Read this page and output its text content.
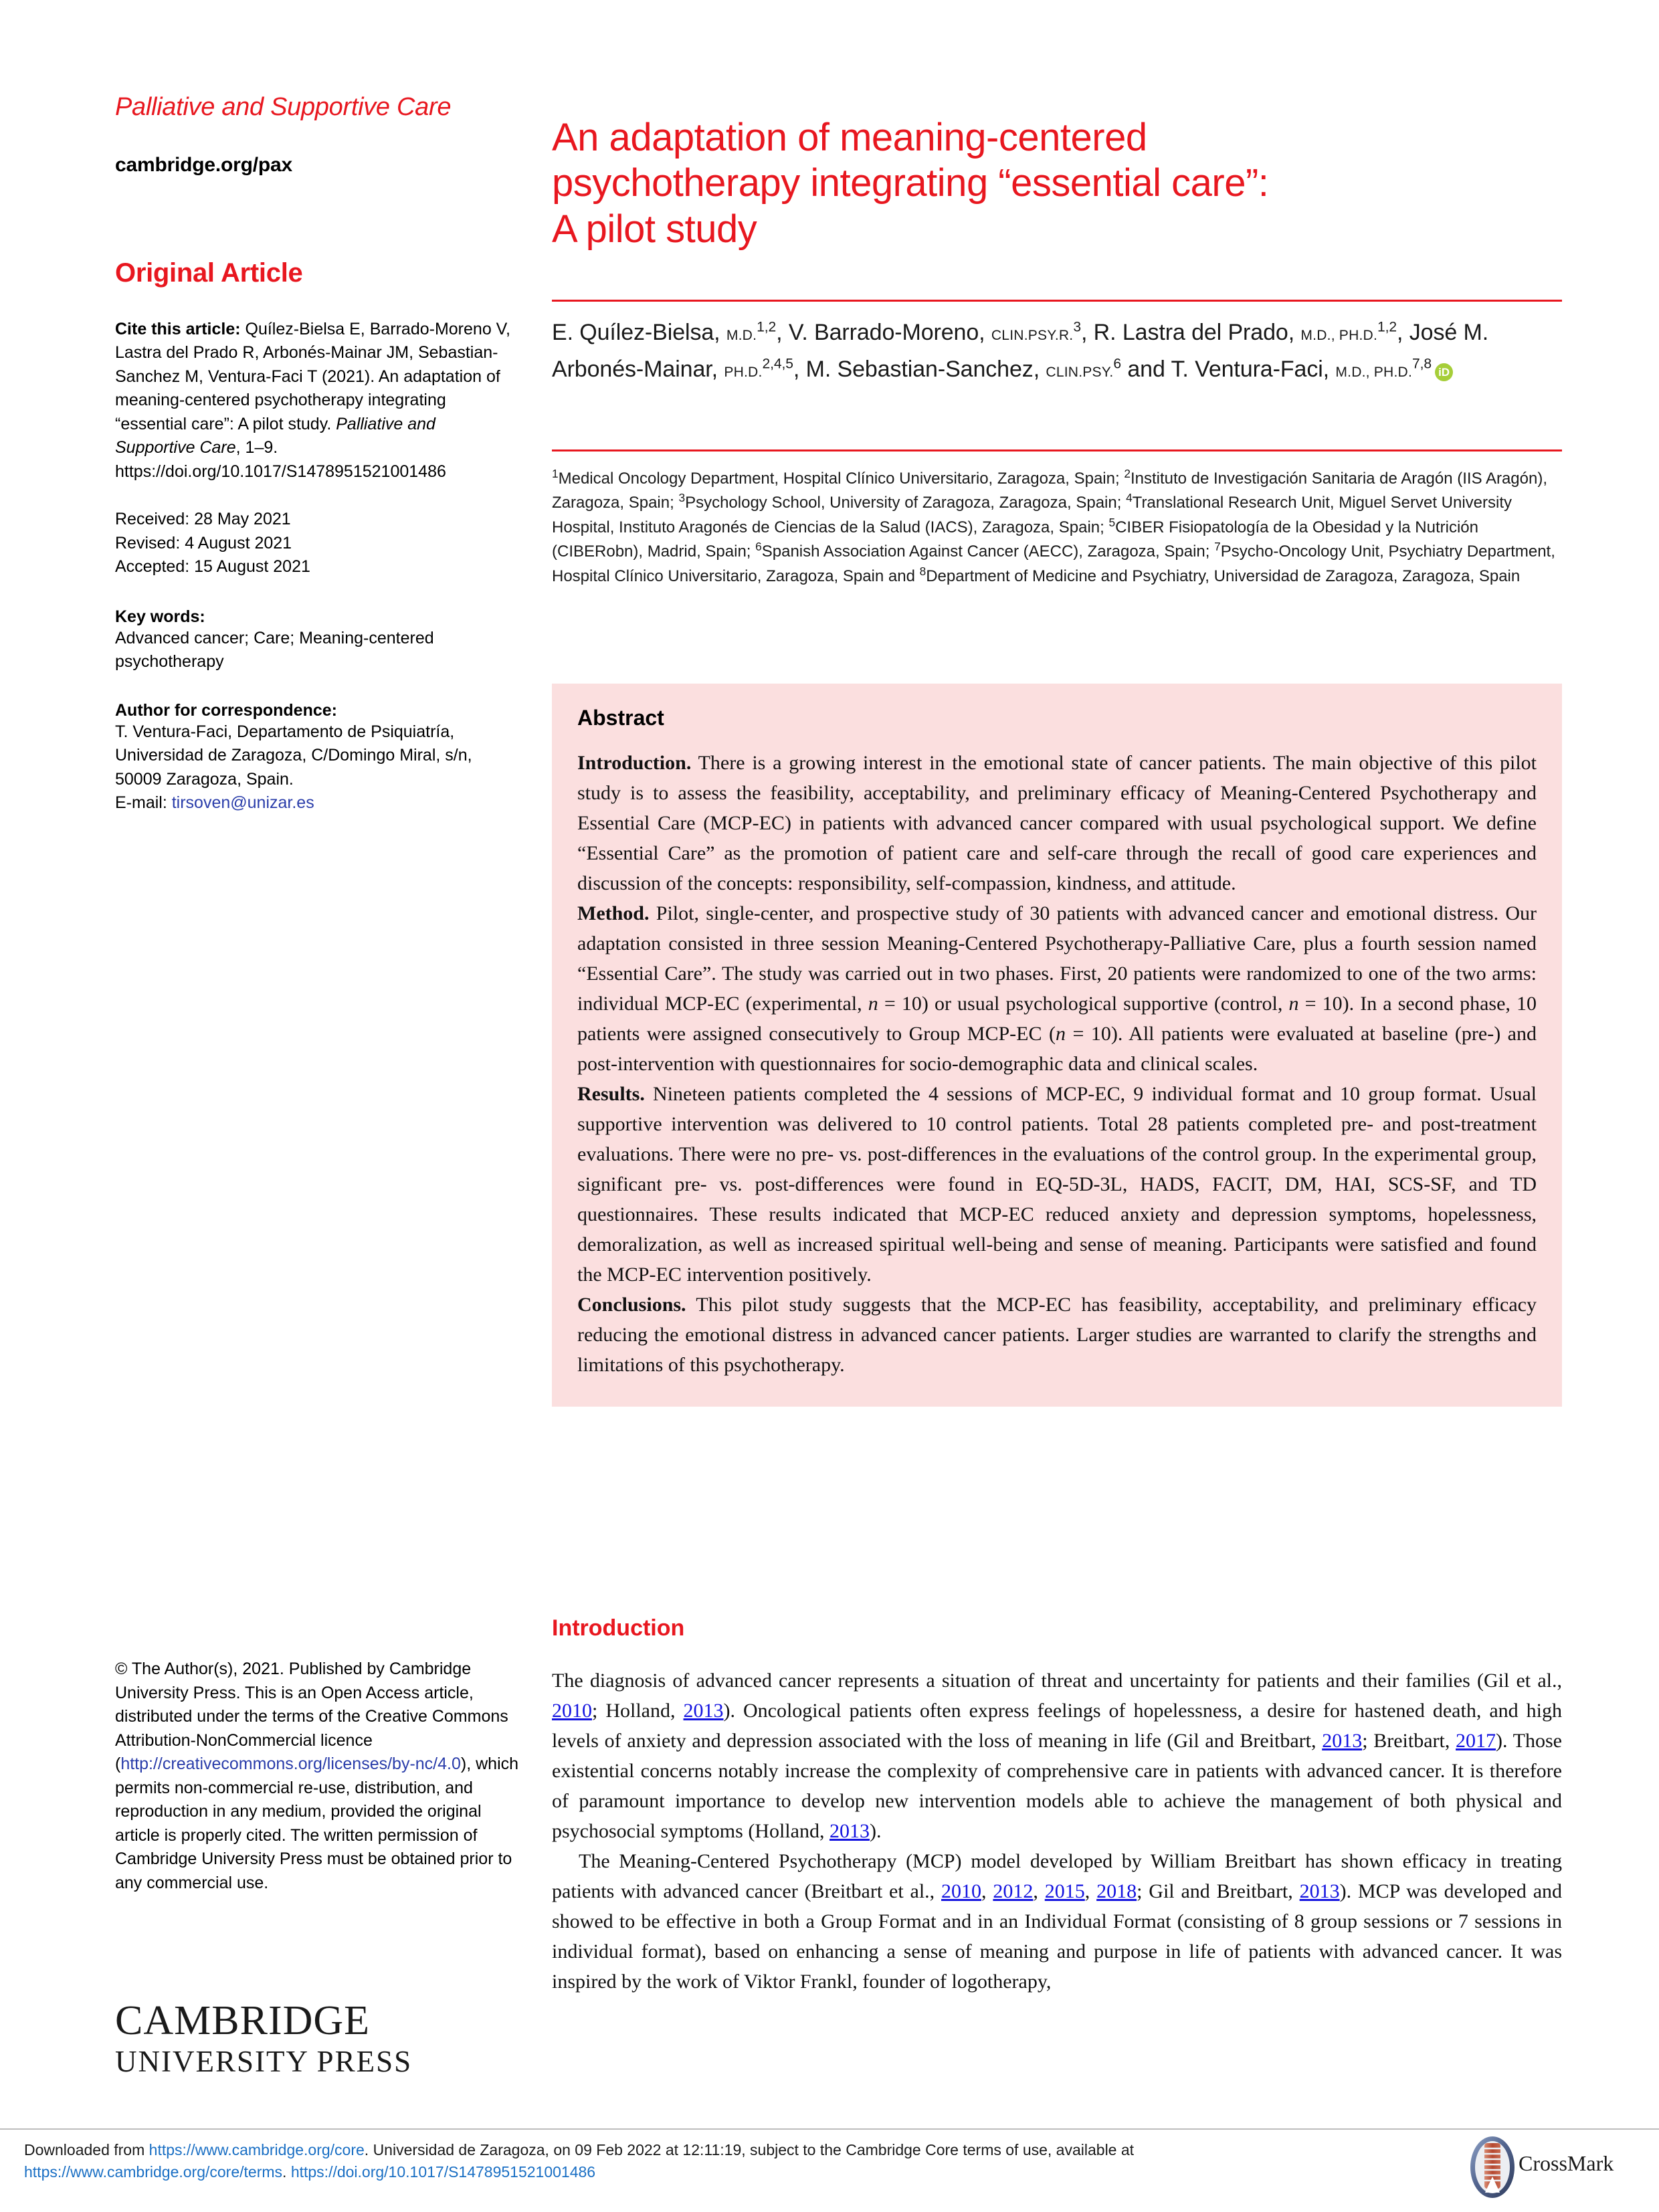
Palliative and Supportive Care
cambridge.org/pax
Original Article
Cite this article: Quílez-Bielsa E, Barrado-Moreno V, Lastra del Prado R, Arbonés-Mainar JM, Sebastian-Sanchez M, Ventura-Faci T (2021). An adaptation of meaning-centered psychotherapy integrating “essential care”: A pilot study. Palliative and Supportive Care, 1–9. https://doi.org/10.1017/S1478951521001486
Received: 28 May 2021
Revised: 4 August 2021
Accepted: 15 August 2021
Key words:
Advanced cancer; Care; Meaning-centered psychotherapy
Author for correspondence:
T. Ventura-Faci, Departamento de Psiquiatría, Universidad de Zaragoza, C/Domingo Miral, s/n, 50009 Zaragoza, Spain.
E-mail: tirsoven@unizar.es
© The Author(s), 2021. Published by Cambridge University Press. This is an Open Access article, distributed under the terms of the Creative Commons Attribution-NonCommercial licence (http://creativecommons.org/licenses/by-nc/4.0), which permits non-commercial re-use, distribution, and reproduction in any medium, provided the original article is properly cited. The written permission of Cambridge University Press must be obtained prior to any commercial use.
CAMBRIDGE
UNIVERSITY PRESS
An adaptation of meaning-centered
psychotherapy integrating “essential care”:
A pilot study
E. Quílez-Bielsa, M.D.$^{1,2}$, V. Barrado-Moreno, CLIN.PSY.R.$^3$, R. Lastra del Prado, M.D., PH.D.$^{1,2}$, José M. Arbonés-Mainar, PH.D.$^{2,4,5}$, M. Sebastian-Sanchez, CLIN.PSY.$^6$ and T. Ventura-Faci, M.D., PH.D.$^{7,8}$iD
$^1$Medical Oncology Department, Hospital Clínico Universitario, Zaragoza, Spain; $^2$Instituto de Investigación Sanitaria de Aragón (IIS Aragón), Zaragoza, Spain; $^3$Psychology School, University of Zaragoza, Zaragoza, Spain; $^4$Translational Research Unit, Miguel Servet University Hospital, Instituto Aragonés de Ciencias de la Salud (IACS), Zaragoza, Spain; $^5$CIBER Fisiopatología de la Obesidad y la Nutrición (CIBERobn), Madrid, Spain; $^6$Spanish Association Against Cancer (AECC), Zaragoza, Spain; $^7$Psycho-Oncology Unit, Psychiatry Department, Hospital Clínico Universitario, Zaragoza, Spain and $^8$Department of Medicine and Psychiatry, Universidad de Zaragoza, Zaragoza, Spain
Abstract

Introduction. There is a growing interest in the emotional state of cancer patients. The main objective of this pilot study is to assess the feasibility, acceptability, and preliminary efficacy of Meaning-Centered Psychotherapy and Essential Care (MCP-EC) in patients with advanced cancer compared with usual psychological support. We define “Essential Care” as the promotion of patient care and self-care through the recall of good care experiences and discussion of the concepts: responsibility, self-compassion, kindness, and attitude.

Method. Pilot, single-center, and prospective study of 30 patients with advanced cancer and emotional distress. Our adaptation consisted in three session Meaning-Centered Psychotherapy-Palliative Care, plus a fourth session named “Essential Care”. The study was carried out in two phases. First, 20 patients were randomized to one of the two arms: individual MCP-EC (experimental, n = 10) or usual psychological supportive (control, n = 10). In a second phase, 10 patients were assigned consecutively to Group MCP-EC (n = 10). All patients were evaluated at baseline (pre-) and post-intervention with questionnaires for socio-demographic data and clinical scales.

Results. Nineteen patients completed the 4 sessions of MCP-EC, 9 individual format and 10 group format. Usual supportive intervention was delivered to 10 control patients. Total 28 patients completed pre- and post-treatment evaluations. There were no pre- vs. post-differences in the evaluations of the control group. In the experimental group, significant pre- vs. post-differences were found in EQ-5D-3L, HADS, FACIT, DM, HAI, SCS-SF, and TD questionnaires. These results indicated that MCP-EC reduced anxiety and depression symptoms, hopelessness, demoralization, as well as increased spiritual well-being and sense of meaning. Participants were satisfied and found the MCP-EC intervention positively.

Conclusions. This pilot study suggests that the MCP-EC has feasibility, acceptability, and preliminary efficacy reducing the emotional distress in advanced cancer patients. Larger studies are warranted to clarify the strengths and limitations of this psychotherapy.

Introduction

The diagnosis of advanced cancer represents a situation of threat and uncertainty for patients and their families (Gil et al., 2010; Holland, 2013). Oncological patients often express feelings of hopelessness, a desire for hastened death, and high levels of anxiety and depression associated with the loss of meaning in life (Gil and Breitbart, 2013; Breitbart, 2017). Those existential concerns notably increase the complexity of comprehensive care in patients with advanced cancer. It is therefore of paramount importance to develop new intervention models able to achieve the management of both physical and psychosocial symptoms (Holland, 2013).

The Meaning-Centered Psychotherapy (MCP) model developed by William Breitbart has shown efficacy in treating patients with advanced cancer (Breitbart et al., 2010, 2012, 2015, 2018; Gil and Breitbart, 2013). MCP was developed and showed to be effective in both a Group Format and in an Individual Format (consisting of 8 group sessions or 7 sessions in individual format), based on enhancing a sense of meaning and purpose in life of patients with advanced cancer. It was inspired by the work of Viktor Frankl, founder of logotherapy,

Downloaded from https://www.cambridge.org/core. Universidad de Zaragoza, on 09 Feb 2022 at 12:11:19, subject to the Cambridge Core terms of use, available at https://www.cambridge.org/core/terms. https://doi.org/10.1017/S1478951521001486	CrossMark
